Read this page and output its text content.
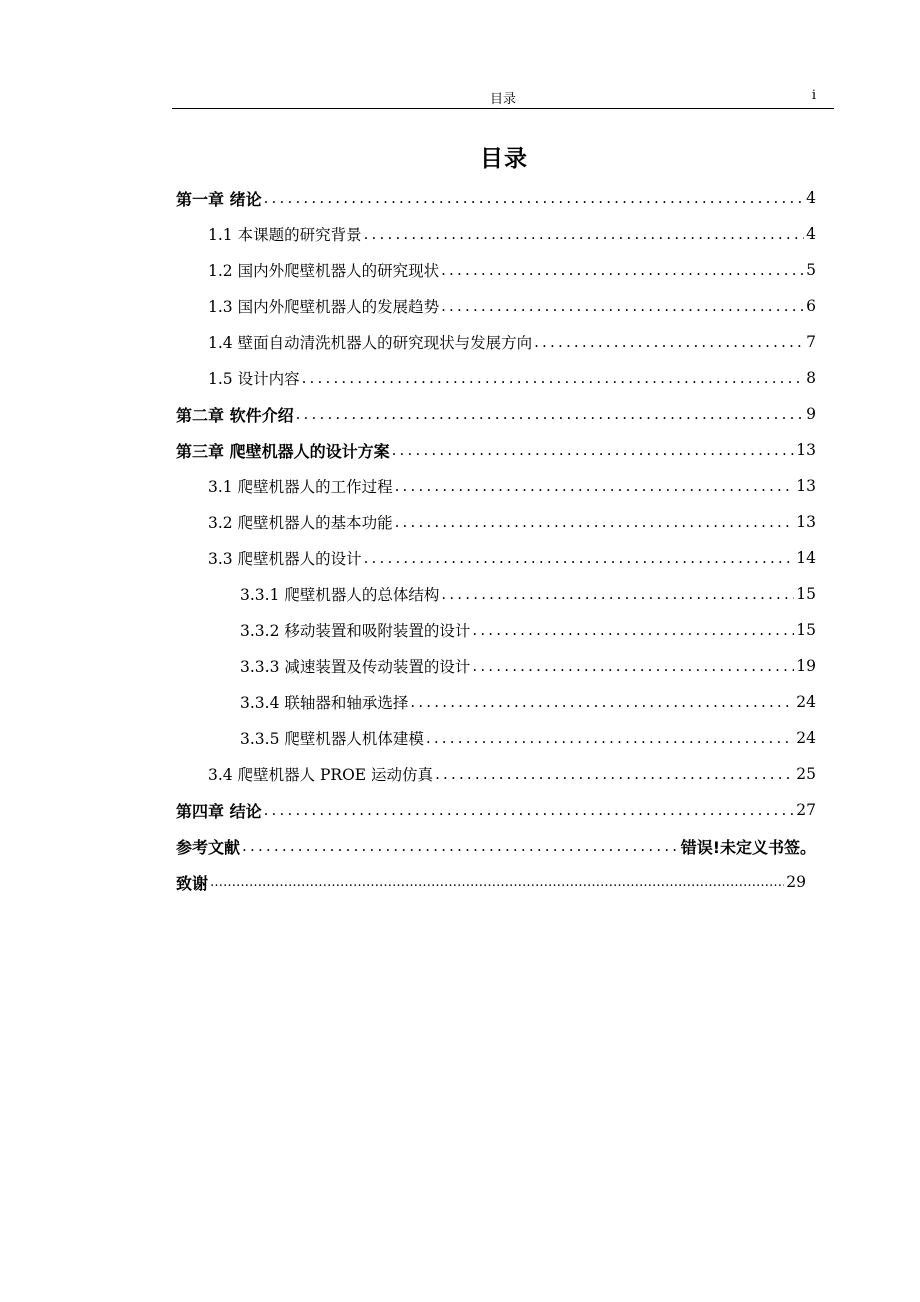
目录	i
目录
第一章 绪论 .....	4
1.1 本课题的研究背景 .....	4
1.2 国内外爬壁机器人的研究现状 .....	5
1.3 国内外爬壁机器人的发展趋势 .....	6
1.4 壁面自动清洗机器人的研究现状与发展方向 .....	7
1.5 设计内容 .....	8
第二章 软件介绍 .....	9
第三章 爬壁机器人的设计方案 .....	13
3.1 爬壁机器人的工作过程 .....	13
3.2 爬壁机器人的基本功能 .....	13
3.3 爬壁机器人的设计 .....	14
3.3.1 爬壁机器人的总体结构 .....	15
3.3.2 移动装置和吸附装置的设计 .....	15
3.3.3 减速装置及传动装置的设计 .....	19
3.3.4 联轴器和轴承选择 .....	24
3.3.5 爬壁机器人机体建模 .....	24
3.4 爬壁机器人 PROE 运动仿真 .....	25
第四章 结论 .....	27
参考文献 .....	错误!未定义书签。
致谢 ……………………………………………………………………………………………………………………………………	29
